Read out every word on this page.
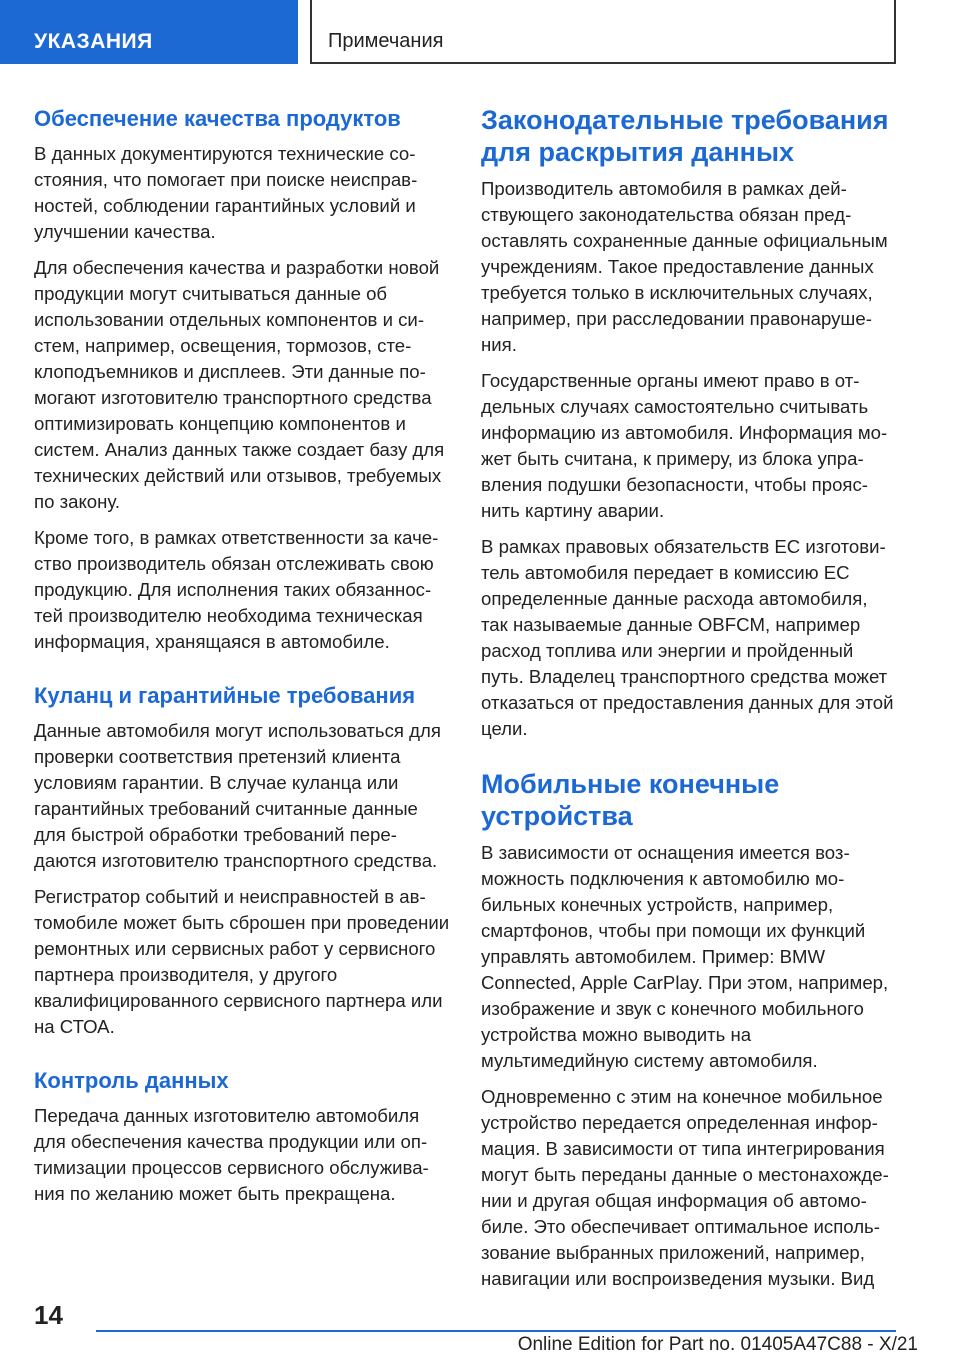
УКАЗАНИЯ	Примечания
Обеспечение качества продуктов

В данных документируются технические состояния, что помогает при поиске неисправностей, соблюдении гарантийных условий и улучшении качества.

Для обеспечения качества и разработки новой продукции могут считываться данные об использовании отдельных компонентов и систем, например, освещения, тормозов, стеклоподъемников и дисплеев. Эти данные помогают изготовителю транспортного средства оптимизировать концепцию компонентов и систем. Анализ данных также создает базу для технических действий или отзывов, требуемых по закону.

Кроме того, в рамках ответственности за качество производитель обязан отслеживать свою продукцию. Для исполнения таких обязанностей производителю необходима техническая информация, хранящаяся в автомобиле.

Куланц и гарантийные требования

Данные автомобиля могут использоваться для проверки соответствия претензий клиента условиям гарантии. В случае куланца или гарантийных требований считанные данные для быстрой обработки требований передаются изготовителю транспортного средства.

Регистратор событий и неисправностей в автомобиле может быть сброшен при проведении ремонтных или сервисных работ у сервисного партнера производителя, у другого квалифицированного сервисного партнера или на СТОА.

Контроль данных

Передача данных изготовителю автомобиля для обеспечения качества продукции или оптимизации процессов сервисного обслуживания по желанию может быть прекращена.

Законодательные требования для раскрытия данных

Производитель автомобиля в рамках действующего законодательства обязан предоставлять сохраненные данные официальным учреждениям. Такое предоставление данных требуется только в исключительных случаях, например, при расследовании правонарушения.

Государственные органы имеют право в отдельных случаях самостоятельно считывать информацию из автомобиля. Информация может быть считана, к примеру, из блока управления подушки безопасности, чтобы прояснить картину аварии.

В рамках правовых обязательств ЕС изготовитель автомобиля передает в комиссию ЕС определенные данные расхода автомобиля, так называемые данные OBFCM, например расход топлива или энергии и пройденный путь. Владелец транспортного средства может отказаться от предоставления данных для этой цели.

Мобильные конечные устройства

В зависимости от оснащения имеется возможность подключения к автомобилю мобильных конечных устройств, например, смартфонов, чтобы при помощи их функций управлять автомобилем. Пример: BMW Connected, Apple CarPlay. При этом, например, изображение и звук с конечного мобильного устройства можно выводить на мультимедийную систему автомобиля.

Одновременно с этим на конечное мобильное устройство передается определенная информация. В зависимости от типа интегрирования могут быть переданы данные о местонахождении и другая общая информация об автомобиле. Это обеспечивает оптимальное использование выбранных приложений, например, навигации или воспроизведения музыки. Вид

14
Online Edition for Part no. 01405A47C88 - X/21
